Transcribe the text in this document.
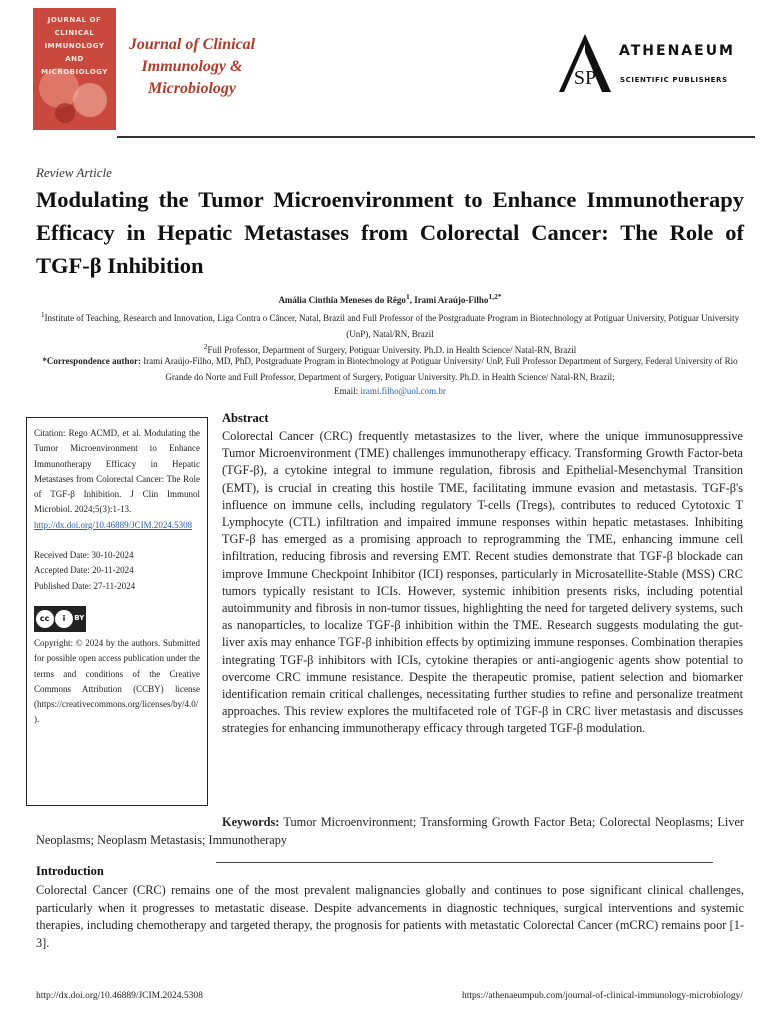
JOURNAL OF
CLINICAL
IMMUNOLOGY
AND
MICROBIOLOGY
Journal of Clinical
Immunology &
Microbiology	SP
ATHENAEUM
SCIENTIFIC PUBLISHERS
Review Article
Modulating the Tumor Microenvironment to Enhance Immunotherapy Efficacy in Hepatic Metastases from Colorectal Cancer: The Role of TGF-β Inhibition
Amália Cinthia Meneses do Rêgo$^1$, Irami Araújo-Filho$^{1,2*}$
$^1$Institute of Teaching, Research and Innovation, Liga Contra o Câncer, Natal, Brazil and Full Professor of the Postgraduate Program in Biotechnology at Potiguar University, Potiguar University (UnP), Natal/RN, Brazil
$^2$Full Professor, Department of Surgery, Potiguar University. Ph.D. in Health Science/ Natal-RN, Brazil
*Correspondence author: Irami Araújo-Filho, MD, PhD, Postgraduate Program in Biotechnology at Potiguar University/ UnP, Full Professor Department of Surgery, Federal University of Rio Grande do Norte and Full Professor, Department of Surgery, Potiguar University. Ph.D. in Health Science/ Natal-RN, Brazil;
Email: irami.filho@uol.com.br

Citation: Rego ACMD, et al. Modulating the Tumor Microenvironment to Enhance Immunotherapy Efficacy in Hepatic Metastases from Colorectal Cancer: The Role of TGF-β Inhibition. J Clin Immunol Microbiol. 2024;5(3):1-13.

http://dx.doi.org/10.46889/JCIM.2024.5308

Received Date: 30-10-2024

Accepted Date: 20-11-2024

Published Date: 27-11-2024

cc	i	BY

Copyright: © 2024 by the authors. Submitted for possible open access publication under the terms and conditions of the Creative Commons Attribution (CCBY) license (https://creativecommons.org/licenses/by/4.0/).

Abstract

Colorectal Cancer (CRC) frequently metastasizes to the liver, where the unique immunosuppressive Tumor Microenvironment (TME) challenges immunotherapy efficacy. Transforming Growth Factor-beta (TGF-β), a cytokine integral to immune regulation, fibrosis and Epithelial-Mesenchymal Transition (EMT), is crucial in creating this hostile TME, facilitating immune evasion and metastasis. TGF-β's influence on immune cells, including regulatory T-cells (Tregs), contributes to reduced Cytotoxic T Lymphocyte (CTL) infiltration and impaired immune responses within hepatic metastases. Inhibiting TGF-β has emerged as a promising approach to reprogramming the TME, enhancing immune cell infiltration, reducing fibrosis and reversing EMT. Recent studies demonstrate that TGF-β blockade can improve Immune Checkpoint Inhibitor (ICI) responses, particularly in Microsatellite-Stable (MSS) CRC tumors typically resistant to ICIs. However, systemic inhibition presents risks, including potential autoimmunity and fibrosis in non-tumor tissues, highlighting the need for targeted delivery systems, such as nanoparticles, to localize TGF-β inhibition within the TME. Research suggests modulating the gut-liver axis may enhance TGF-β inhibition effects by optimizing immune responses. Combination therapies integrating TGF-β inhibitors with ICIs, cytokine therapies or anti-angiogenic agents show potential to overcome CRC immune resistance. Despite the therapeutic promise, patient selection and biomarker identification remain critical challenges, necessitating further studies to refine and personalize treatment approaches. This review explores the multifaceted role of TGF-β in CRC liver metastasis and discusses strategies for enhancing immunotherapy efficacy through targeted TGF-β modulation.

Keywords: Tumor Microenvironment; Transforming Growth Factor Beta; Colorectal Neoplasms; Liver Neoplasms; Neoplasm Metastasis; Immunotherapy
Introduction

Colorectal Cancer (CRC) remains one of the most prevalent malignancies globally and continues to pose significant clinical challenges, particularly when it progresses to metastatic disease. Despite advancements in diagnostic techniques, surgical interventions and systemic therapies, including chemotherapy and targeted therapy, the prognosis for patients with metastatic Colorectal Cancer (mCRC) remains poor [1-3].

http://dx.doi.org/10.46889/JCIM.2024.5308	https://athenaeumpub.com/journal-of-clinical-immunology-microbiology/
